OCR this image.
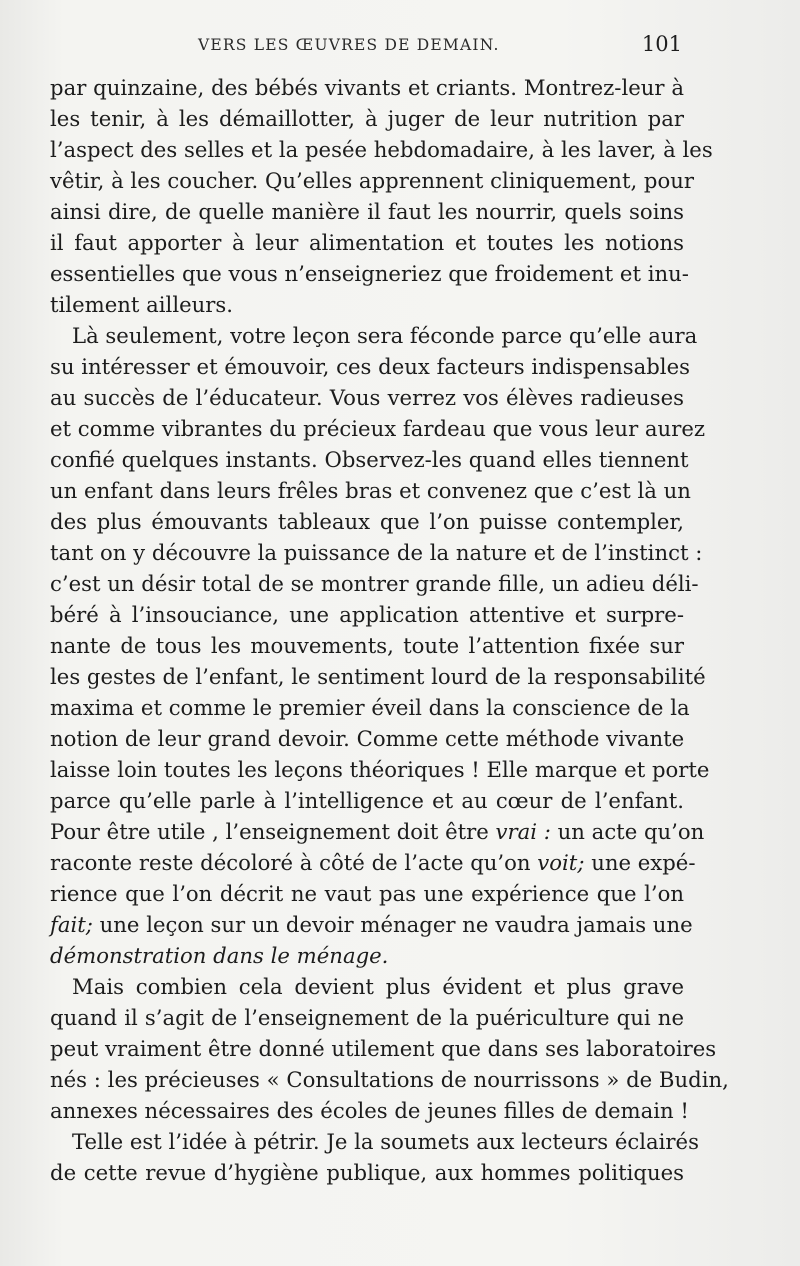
VERS LES ŒUVRES DE DEMAIN.	101
par quinzaine, des bébés vivants et criants. Montrez-leur à
les tenir, à les démaillotter, à juger de leur nutrition par
l’aspect des selles et la pesée hebdomadaire, à les laver, à les
vêtir, à les coucher. Qu’elles apprennent cliniquement, pour
ainsi dire, de quelle manière il faut les nourrir, quels soins
il faut apporter à leur alimentation et toutes les notions
essentielles que vous n’enseigneriez que froidement et inu-
tilement ailleurs.
Là seulement, votre leçon sera féconde parce qu’elle aura
su intéresser et émouvoir, ces deux facteurs indispensables
au succès de l’éducateur. Vous verrez vos élèves radieuses
et comme vibrantes du précieux fardeau que vous leur aurez
confié quelques instants. Observez-les quand elles tiennent
un enfant dans leurs frêles bras et convenez que c’est là un
des plus émouvants tableaux que l’on puisse contempler,
tant on y découvre la puissance de la nature et de l’instinct :
c’est un désir total de se montrer grande fille, un adieu déli-
béré à l’insouciance, une application attentive et surpre-
nante de tous les mouvements, toute l’attention fixée sur
les gestes de l’enfant, le sentiment lourd de la responsabilité
maxima et comme le premier éveil dans la conscience de la
notion de leur grand devoir. Comme cette méthode vivante
laisse loin toutes les leçons théoriques ! Elle marque et porte
parce qu’elle parle à l’intelligence et au cœur de l’enfant.
Pour être utile , l’enseignement doit être vrai : un acte qu’on
raconte reste décoloré à côté de l’acte qu’on voit; une expé-
rience que l’on décrit ne vaut pas une expérience que l’on
fait; une leçon sur un devoir ménager ne vaudra jamais une
démonstration dans le ménage.
Mais combien cela devient plus évident et plus grave
quand il s’agit de l’enseignement de la puériculture qui ne
peut vraiment être donné utilement que dans ses laboratoires
nés : les précieuses « Consultations de nourrissons » de Budin,
annexes nécessaires des écoles de jeunes filles de demain !
Telle est l’idée à pétrir. Je la soumets aux lecteurs éclairés
de cette revue d’hygiène publique, aux hommes politiques
